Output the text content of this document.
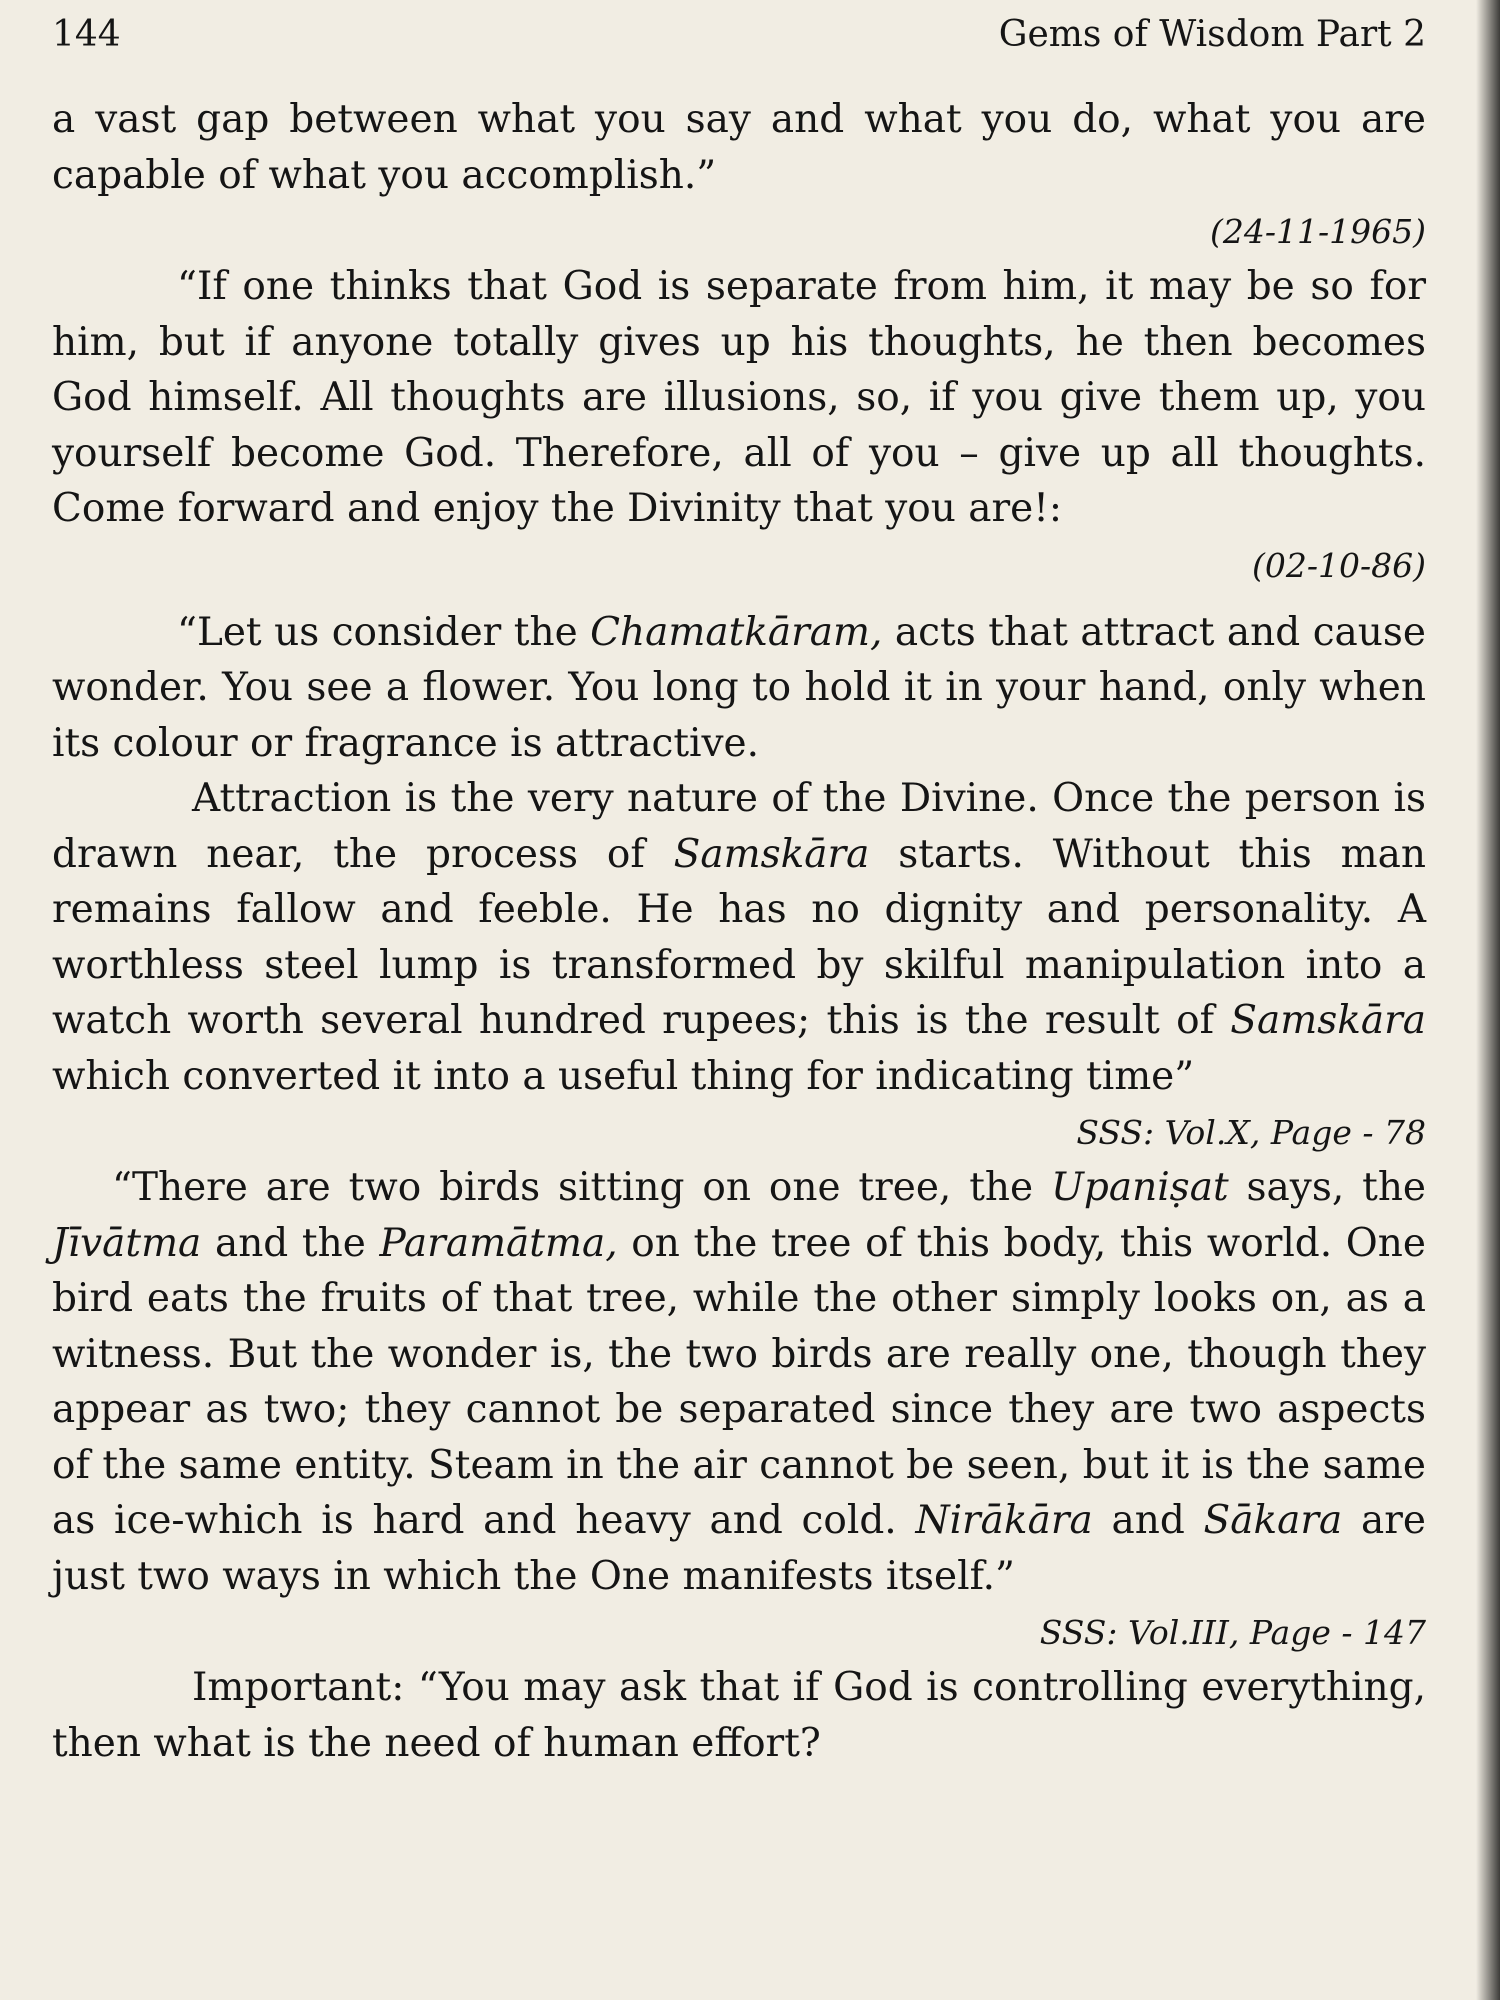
144	Gems of Wisdom Part 2

a vast gap between what you say and what you do, what you are capable of what you accomplish.”

(24-11-1965)

“If one thinks that God is separate from him, it may be so for him, but if anyone totally gives up his thoughts, he then becomes God himself. All thoughts are illusions, so, if you give them up, you yourself become God. Therefore, all of you – give up all thoughts. Come forward and enjoy the Divinity that you are!:

(02-10-86)

“Let us consider the Chamatkāram, acts that attract and cause wonder. You see a flower. You long to hold it in your hand, only when its colour or fragrance is attractive.

Attraction is the very nature of the Divine. Once the person is drawn near, the process of Samskāra starts. Without this man remains fallow and feeble. He has no dignity and personality. A worthless steel lump is transformed by skilful manipulation into a watch worth several hundred rupees; this is the result of Samskāra which converted it into a useful thing for indicating time”

SSS: Vol.X, Page - 78

“There are two birds sitting on one tree, the Upaniṣat says, the Jīvātma and the Paramātma, on the tree of this body, this world. One bird eats the fruits of that tree, while the other simply looks on, as a witness. But the wonder is, the two birds are really one, though they appear as two; they cannot be separated since they are two aspects of the same entity. Steam in the air cannot be seen, but it is the same as ice-which is hard and heavy and cold. Nirākāra and Sākara are just two ways in which the One manifests itself.”

SSS: Vol.III, Page - 147

Important: “You may ask that if God is controlling everything, then what is the need of human effort?
